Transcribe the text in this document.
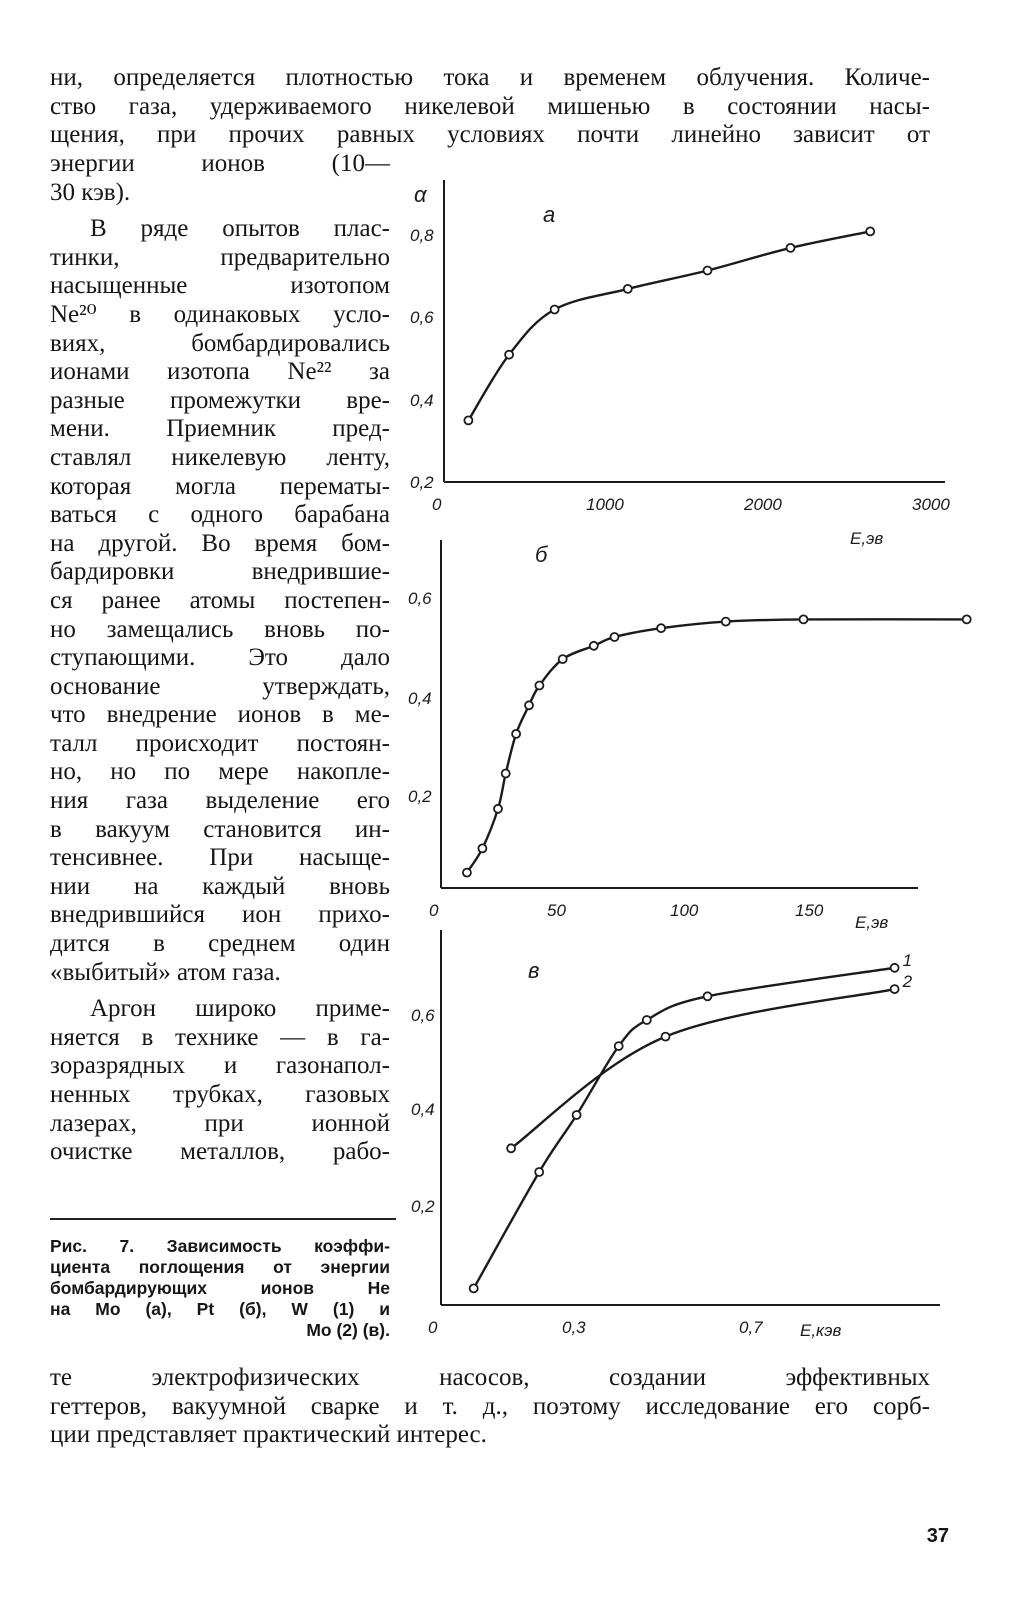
ни, определяется плотностью тока и временем облучения. Количе-
ство газа, удерживаемого никелевой мишенью в состоянии насы-
щения, при прочих равных условиях почти линейно зависит от
энергии ионов (10—
30 кэв).
В ряде опытов плас-
тинки, предварительно
насыщенные изотопом
Ne²⁰ в одинаковых усло-
виях, бомбардировались
ионами изотопа Ne²² за
разные промежутки вре-
мени. Приемник пред-
ставлял никелевую ленту,
которая могла перематы-
ваться с одного барабана
на другой. Во время бом-
бардировки внедрившие-
ся ранее атомы постепен-
но замещались вновь по-
ступающими. Это дало
основание утверждать,
что внедрение ионов в ме-
талл происходит постоян-
но, но по мере накопле-
ния газа выделение его
в вакуум становится ин-
тенсивнее. При насыще-
нии на каждый вновь
внедрившийся ион прихо-
дится в среднем один
«выбитый» атом газа.
Аргон широко приме-
няется в технике — в га-
зоразрядных и газонапол-
ненных трубках, газовых
лазерах, при ионной
очистке металлов, рабо-
Рис. 7. Зависимость коэффи-
циента поглощения от энергии
бомбардирующих ионов Не
на Мо (а), Pt (б), W (1) и
Мо (2) (в).
α
а
E,эв
0,8
0,6
0,4
0,2
0	1000	2000	3000
б
E,эв
0,6
0,4
0,2
0	50	100	150
в
E,кэв
0,6
0,4
0,2
0	0,3	0,7
1
2
те электрофизических насосов, создании эффективных
геттеров, вакуумной сварке и т. д., поэтому исследование его сорб-
ции представляет практический интерес.
37
